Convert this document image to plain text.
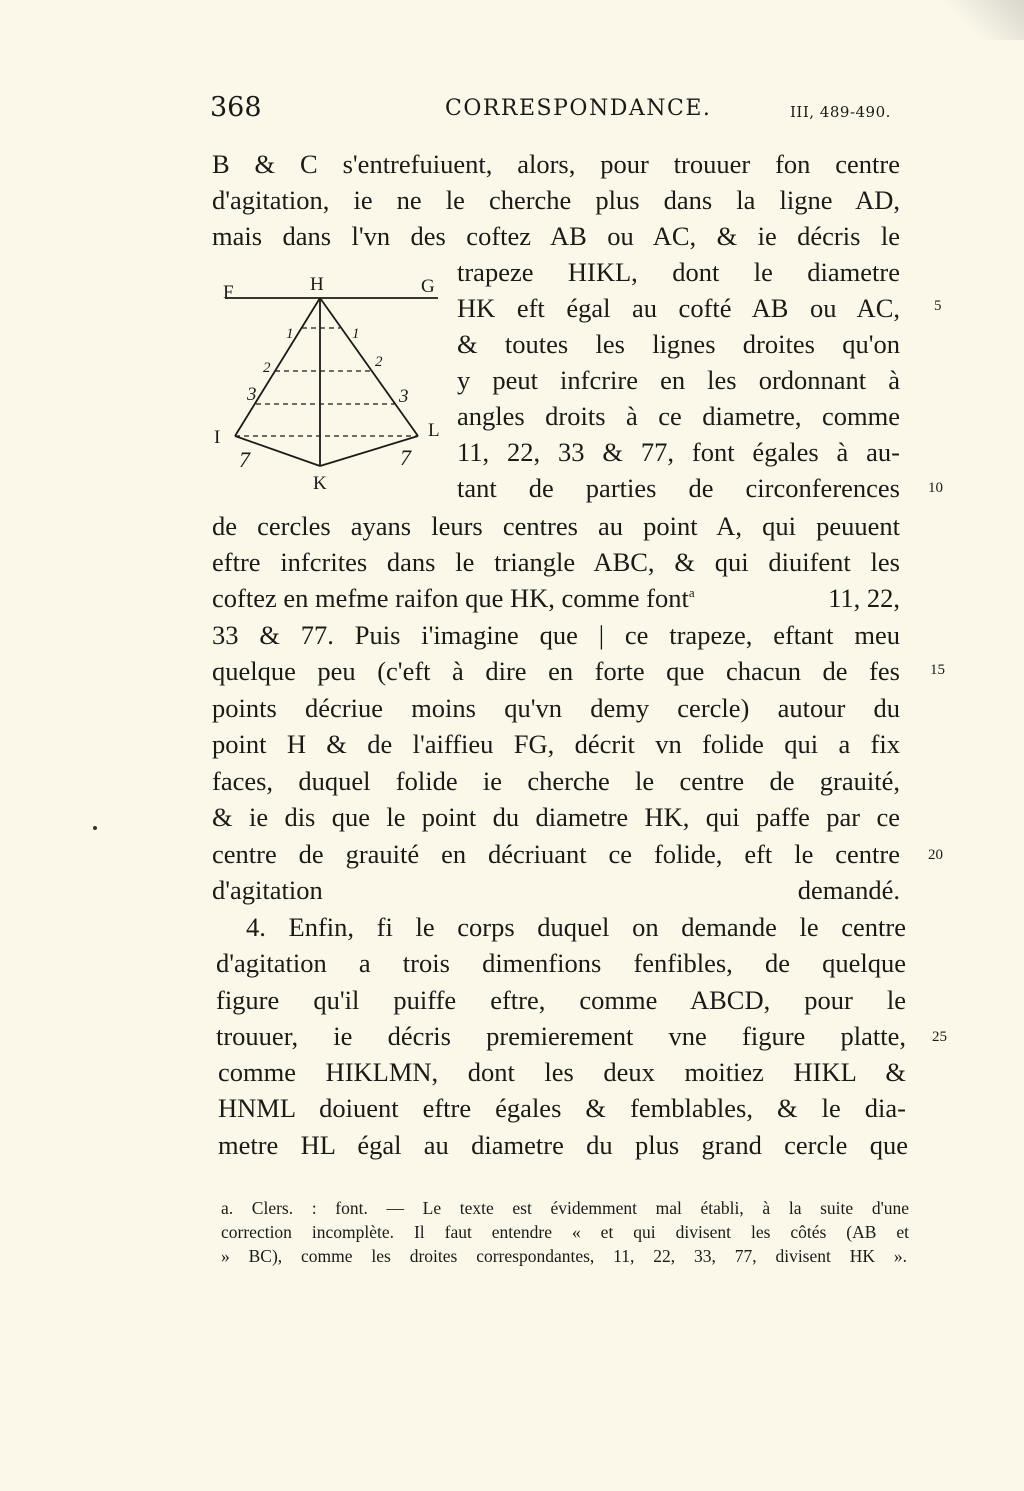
368	CORRESPONDANCE.	III, 489-490.
B & C s'entrefuiuent, alors, pour trouuer fon centre
d'agitation, ie ne le cherche plus dans la ligne AD,
mais dans l'vn des coftez AB ou AC, & ie décris le
trapeze HIKL, dont le diametre
HK eft égal au cofté AB ou AC,
& toutes les lignes droites qu'on
y peut infcrire en les ordonnant à
angles droits à ce diametre, comme
11, 22, 33 & 77, font égales à au-
tant de parties de circonferences
de cercles ayans leurs centres au point A, qui peuuent
eftre infcrites dans le triangle ABC, & qui diuifent les
coftez en mefme raifon que HK, comme font$^a$	11, 22,
33 & 77. Puis i'imagine que | ce trapeze, eftant meu
quelque peu (c'eft à dire en forte que chacun de fes
points décriue moins qu'vn demy cercle) autour du
point H & de l'aiffieu FG, décrit vn folide qui a fix
faces, duquel folide ie cherche le centre de grauité,
& ie dis que le point du diametre HK, qui paffe par ce
centre de grauité en décriuant ce folide, eft le centre
d'agitation demandé.
4. Enfin, fi le corps duquel on demande le centre
d'agitation a trois dimenfions fenfibles, de quelque
figure qu'il puiffe eftre, comme ABCD, pour le
trouuer, ie décris premierement vne figure platte,
comme HIKLMN, dont les deux moitiez HIKL &
HNML doiuent eftre égales & femblables, & le dia-
metre HL égal au diametre du plus grand cercle que
5
10
15
20
25
F	H	G
I	L
K
1	1
2	2
3	3
7	7
a. Clers. : font. — Le texte est évidemment mal établi, à la suite d'une
correction incomplète. Il faut entendre « et qui divisent les côtés (AB et
» BC), comme les droites correspondantes, 11, 22, 33, 77, divisent HK ».
